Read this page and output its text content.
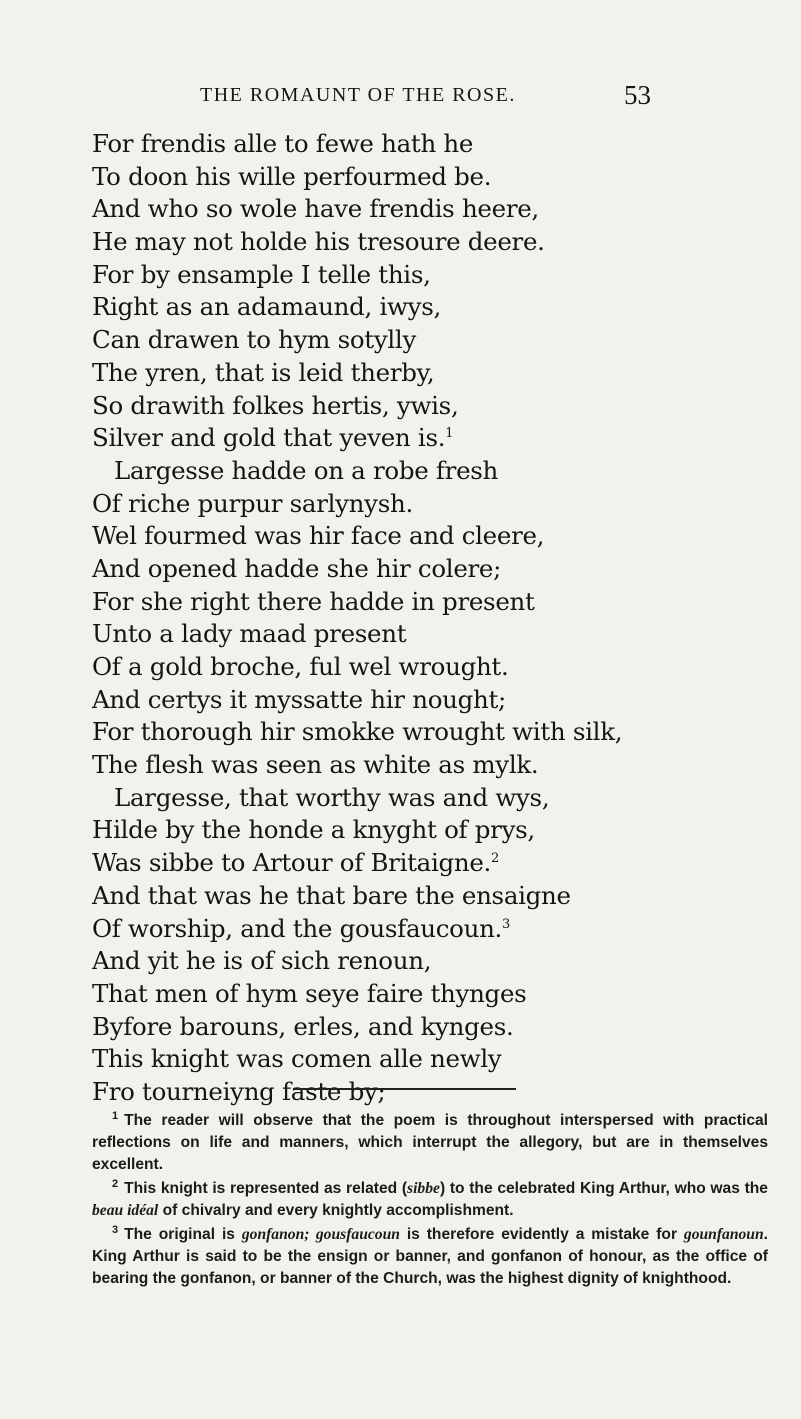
THE ROMAUNT OF THE ROSE.	53
For frendis alle to fewe hath he
To doon his wille perfourmed be.
And who so wole have frendis heere,
He may not holde his tresoure deere.
For by ensample I telle this,
Right as an adamaund, iwys,
Can drawen to hym sotylly
The yren, that is leid therby,
So drawith folkes hertis, ywis,
Silver and gold that yeven is.$^1$
Largesse hadde on a robe fresh
Of riche purpur sarlynysh.
Wel fourmed was hir face and cleere,
And opened hadde she hir colere;
For she right there hadde in present
Unto a lady maad present
Of a gold broche, ful wel wrought.
And certys it myssatte hir nought;
For thorough hir smokke wrought with silk,
The flesh was seen as white as mylk.
Largesse, that worthy was and wys,
Hilde by the honde a knyght of prys,
Was sibbe to Artour of Britaigne.$^2$
And that was he that bare the ensaigne
Of worship, and the gousfaucoun.$^3$
And yit he is of sich renoun,
That men of hym seye faire thynges
Byfore barouns, erles, and kynges.
This knight was comen alle newly
Fro tourneiyng faste by;

$^1$ The reader will observe that the poem is throughout interspersed with practical reflections on life and manners, which interrupt the allegory, but are in themselves excellent.

$^2$ This knight is represented as related (sibbe) to the celebrated King Arthur, who was the beau idéal of chivalry and every knightly accomplishment.

$^3$ The original is gonfanon; gousfaucoun is therefore evidently a mistake for gounfanoun. King Arthur is said to be the ensign or banner, and gonfanon of honour, as the office of bearing the gonfanon, or banner of the Church, was the highest dignity of knighthood.
